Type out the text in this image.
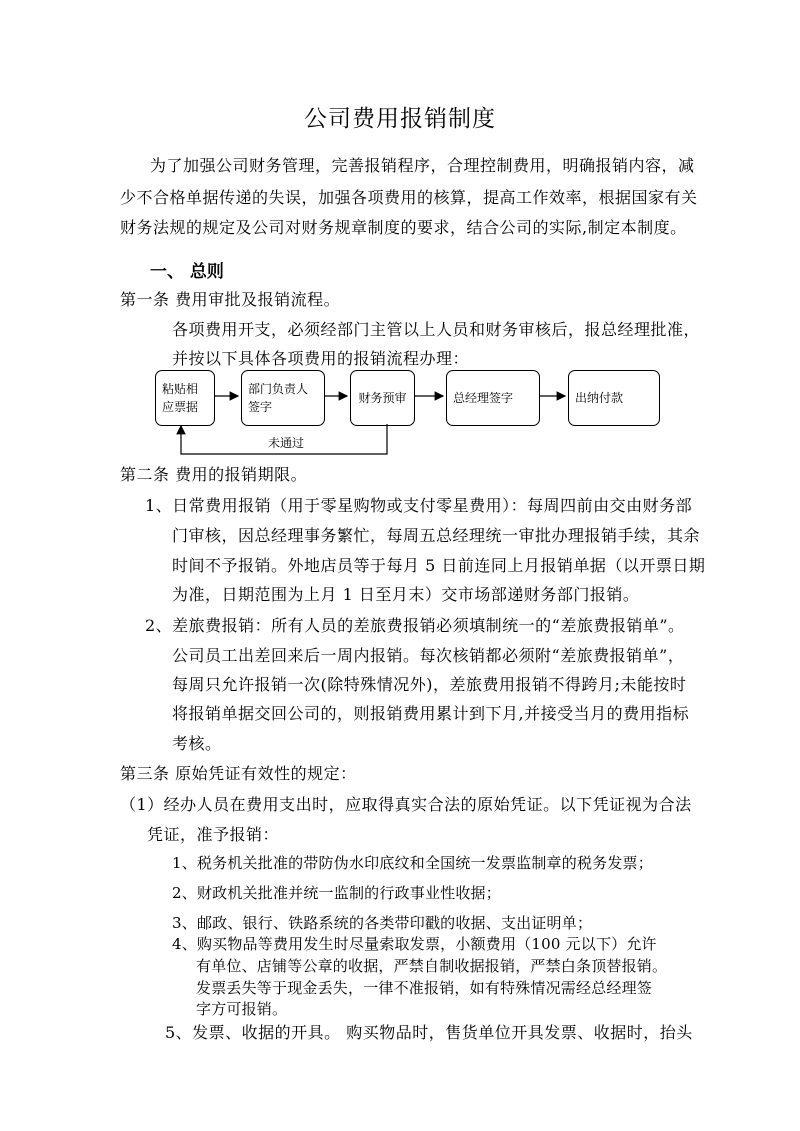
公司费用报销制度
为了加强公司财务管理，完善报销程序，合理控制费用，明确报销内容，减
少不合格单据传递的失误，加强各项费用的核算，提高工作效率，根据国家有关
财务法规的规定及公司对财务规章制度的要求，结合公司的实际,制定本制度。
一、 总则
第一条 费用审批及报销流程。
各项费用开支，必须经部门主管以上人员和财务审核后，报总经理批准，
并按以下具体各项费用的报销流程办理：
粘贴相应票据
部门负责人签字
财务预审	总经理签字	出纳付款
未通过
第二条 费用的报销期限。
1、日常费用报销（用于零星购物或支付零星费用）：每周四前由交由财务部
门审核，因总经理事务繁忙，每周五总经理统一审批办理报销手续，其余
时间不予报销。外地店员等于每月 5 日前连同上月报销单据（以开票日期
为准，日期范围为上月 1 日至月末）交市场部递财务部门报销。
2、差旅费报销：所有人员的差旅费报销必须填制统一的“差旅费报销单”。
公司员工出差回来后一周内报销。每次核销都必须附“差旅费报销单”，
每周只允许报销一次(除特殊情况外)，差旅费用报销不得跨月;未能按时
将报销单据交回公司的，则报销费用累计到下月,并接受当月的费用指标
考核。
第三条 原始凭证有效性的规定：
（1）经办人员在费用支出时，应取得真实合法的原始凭证。以下凭证视为合法
凭证，准予报销：
1、税务机关批准的带防伪水印底纹和全国统一发票监制章的税务发票；
2、财政机关批准并统一监制的行政事业性收据；
3、邮政、银行、铁路系统的各类带印戳的收据、支出证明单；
4、购买物品等费用发生时尽量索取发票，小额费用（100 元以下）允许
有单位、店铺等公章的收据，严禁自制收据报销，严禁白条顶替报销。
发票丢失等于现金丢失，一律不准报销，如有特殊情况需经总经理签
字方可报销。
5、发票、收据的开具。 购买物品时，售货单位开具发票、收据时，抬头
